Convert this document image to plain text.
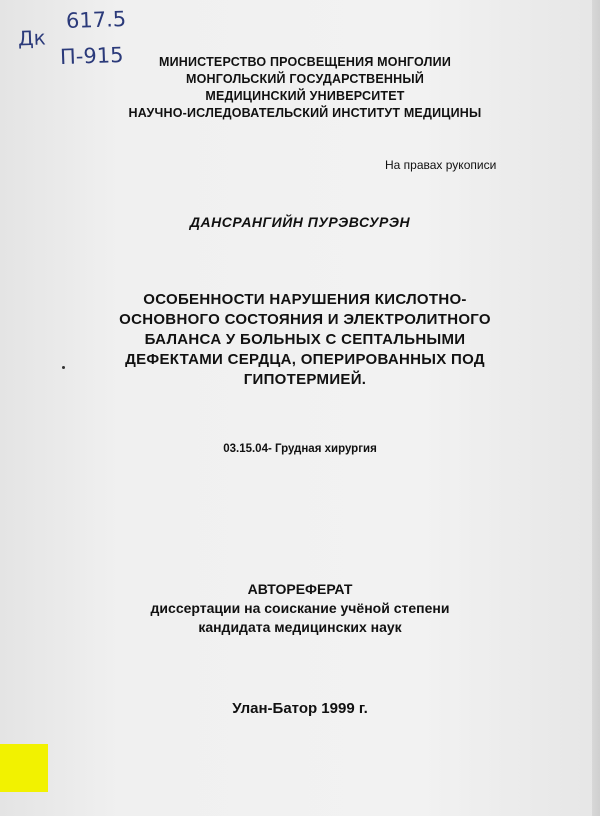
617.5
Дк
П-915	МИНИСТЕРСТВО ПРОСВЕЩЕНИЯ МОНГОЛИИ
МОНГОЛЬСКИЙ ГОСУДАРСТВЕННЫЙ
МЕДИЦИНСКИЙ УНИВЕРСИТЕТ
НАУЧНО-ИСЛЕДОВАТЕЛЬСКИЙ ИНСТИТУТ МЕДИЦИНЫ
На правах рукописи
ДАНСРАНГИЙН ПУРЭВСУРЭН
ОСОБЕННОСТИ НАРУШЕНИЯ КИСЛОТНО-
ОСНОВНОГО СОСТОЯНИЯ И ЭЛЕКТРОЛИТНОГО
БАЛАНСА У БОЛЬНЫХ С СЕПТАЛЬНЫМИ
ДЕФЕКТАМИ СЕРДЦА, ОПЕРИРОВАННЫХ ПОД
ГИПОТЕРМИЕЙ.
03.15.04- Грудная хирургия
АВТОРЕФЕРАТ
диссертации на соискание учёной степени
кандидата медицинских наук
Улан-Батор 1999 г.
